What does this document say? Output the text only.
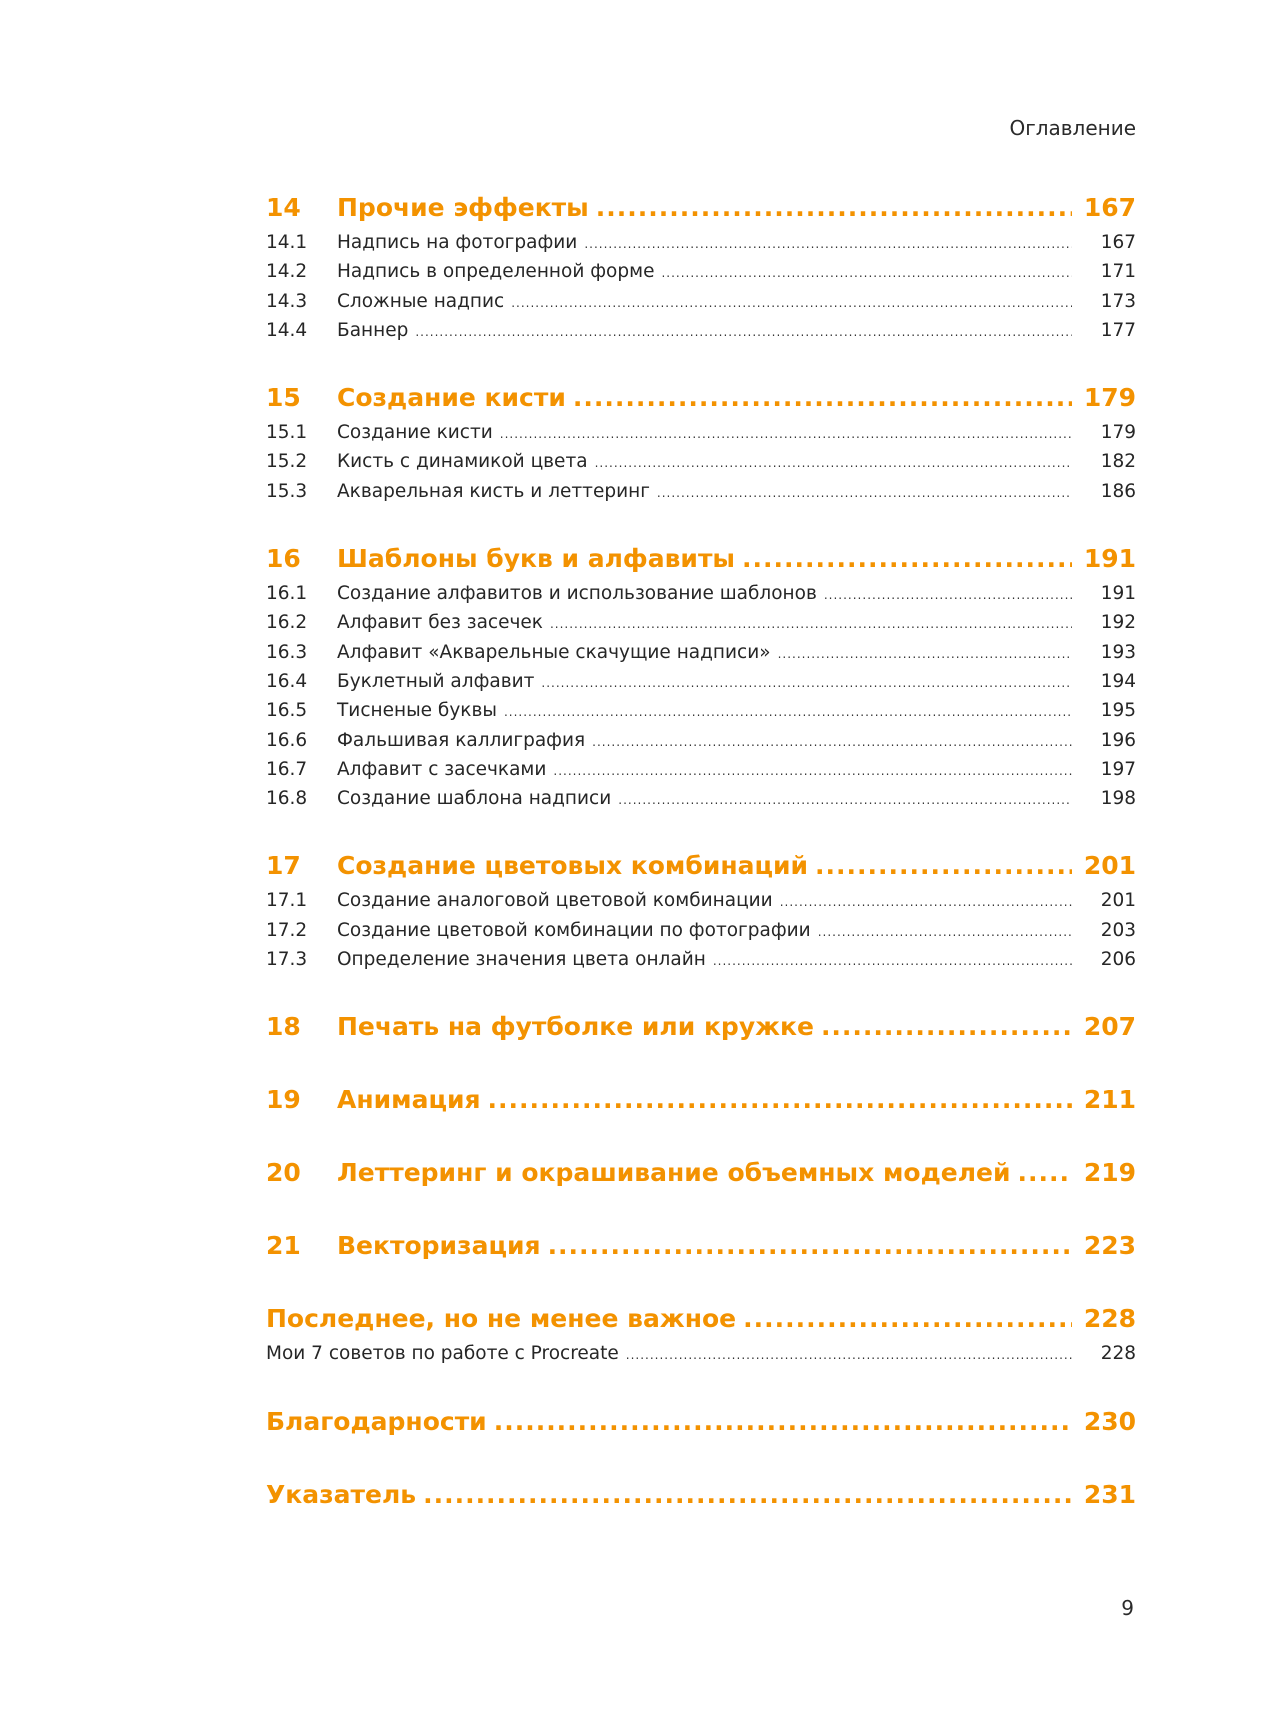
Оглавление
14	Прочие эффекты .....	167
14.1	Надпись на фотографии .....	167
14.2	Надпись в определенной форме .....	171
14.3	Сложные надпис .....	173
14.4	Баннер .....	177
15	Создание кисти .....	179
15.1	Создание кисти .....	179
15.2	Кисть с динамикой цвета .....	182
15.3	Акварельная кисть и леттеринг .....	186
16	Шаблоны букв и алфавиты .....	191
16.1	Создание алфавитов и использование шаблонов .....	191
16.2	Алфавит без засечек .....	192
16.3	Алфавит «Акварельные скачущие надписи» .....	193
16.4	Буклетный алфавит .....	194
16.5	Тисненые буквы .....	195
16.6	Фальшивая каллиграфия .....	196
16.7	Алфавит с засечками .....	197
16.8	Создание шаблона надписи .....	198
17	Создание цветовых комбинаций .....	201
17.1	Создание аналоговой цветовой комбинации .....	201
17.2	Создание цветовой комбинации по фотографии .....	203
17.3	Определение значения цвета онлайн .....	206
18	Печать на футболке или кружке .....	207
19	Анимация .....	211
20	Леттеринг и окрашивание объемных моделей .....	219
21	Векторизация .....	223
Последнее, но не менее важное .....	228
Мои 7 советов по работе с Procreate .....	228
Благодарности .....	230
Указатель .....	231
9
